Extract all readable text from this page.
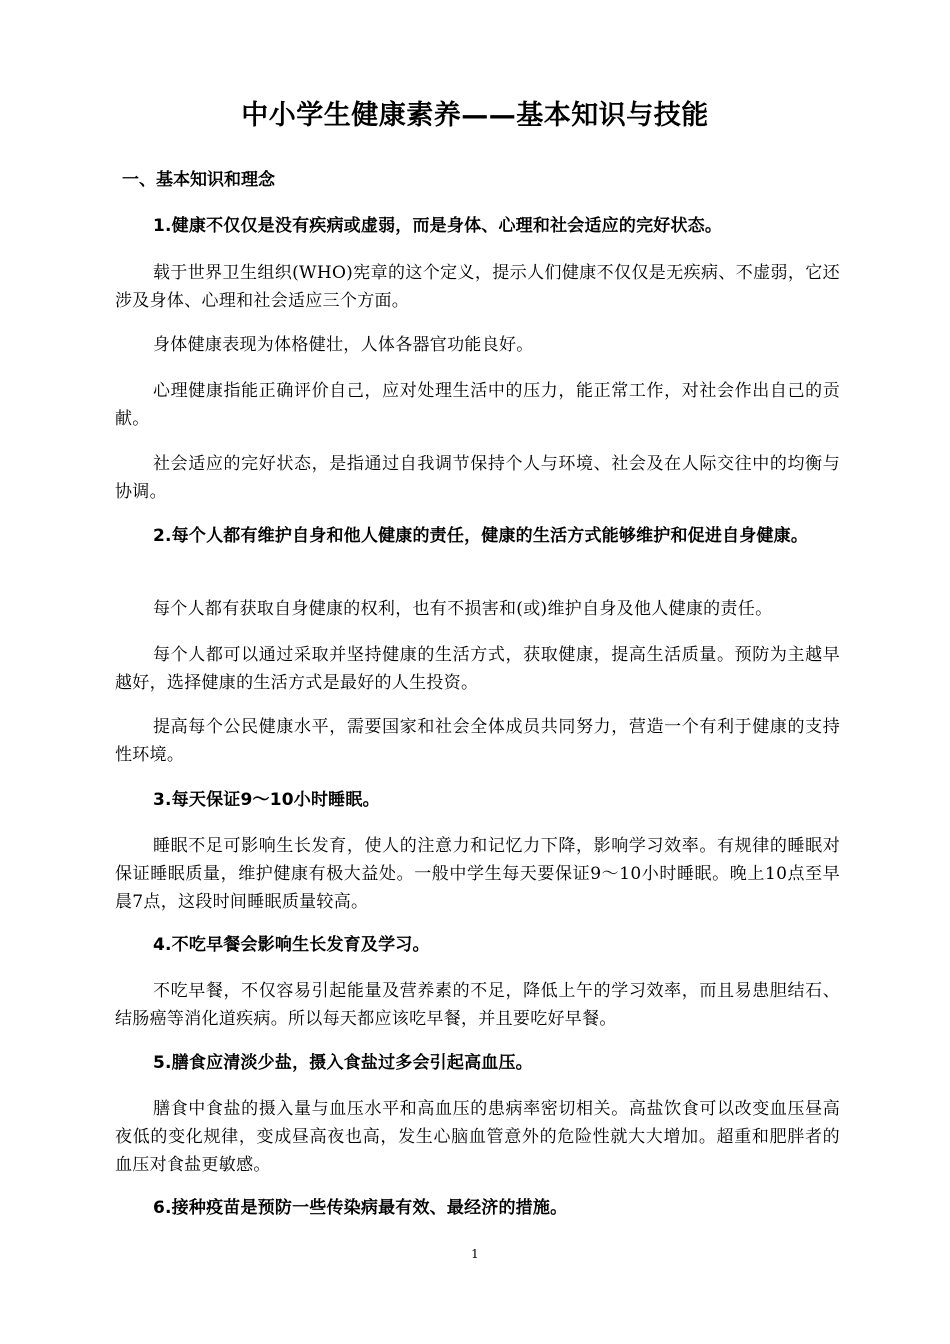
中小学生健康素养——基本知识与技能
一、基本知识和理念
1.健康不仅仅是没有疾病或虚弱，而是身体、心理和社会适应的完好状态。
载于世界卫生组织(WHO)宪章的这个定义，提示人们健康不仅仅是无疾病、不虚弱，它还涉及身体、心理和社会适应三个方面。
身体健康表现为体格健壮，人体各器官功能良好。
心理健康指能正确评价自己，应对处理生活中的压力，能正常工作，对社会作出自己的贡献。
社会适应的完好状态，是指通过自我调节保持个人与环境、社会及在人际交往中的均衡与协调。
2.每个人都有维护自身和他人健康的责任，健康的生活方式能够维护和促进自身健康。
每个人都有获取自身健康的权利，也有不损害和(或)维护自身及他人健康的责任。
每个人都可以通过采取并坚持健康的生活方式，获取健康，提高生活质量。预防为主越早越好，选择健康的生活方式是最好的人生投资。
提高每个公民健康水平，需要国家和社会全体成员共同努力，营造一个有利于健康的支持性环境。
3.每天保证9～10小时睡眠。
睡眠不足可影响生长发育，使人的注意力和记忆力下降，影响学习效率。有规律的睡眠对保证睡眠质量，维护健康有极大益处。一般中学生每天要保证9～10小时睡眠。晚上10点至早晨7点，这段时间睡眠质量较高。
4.不吃早餐会影响生长发育及学习。
不吃早餐，不仅容易引起能量及营养素的不足，降低上午的学习效率，而且易患胆结石、结肠癌等消化道疾病。所以每天都应该吃早餐，并且要吃好早餐。
5.膳食应清淡少盐，摄入食盐过多会引起高血压。
膳食中食盐的摄入量与血压水平和高血压的患病率密切相关。高盐饮食可以改变血压昼高夜低的变化规律，变成昼高夜也高，发生心脑血管意外的危险性就大大增加。超重和肥胖者的血压对食盐更敏感。
6.接种疫苗是预防一些传染病最有效、最经济的措施。
1
